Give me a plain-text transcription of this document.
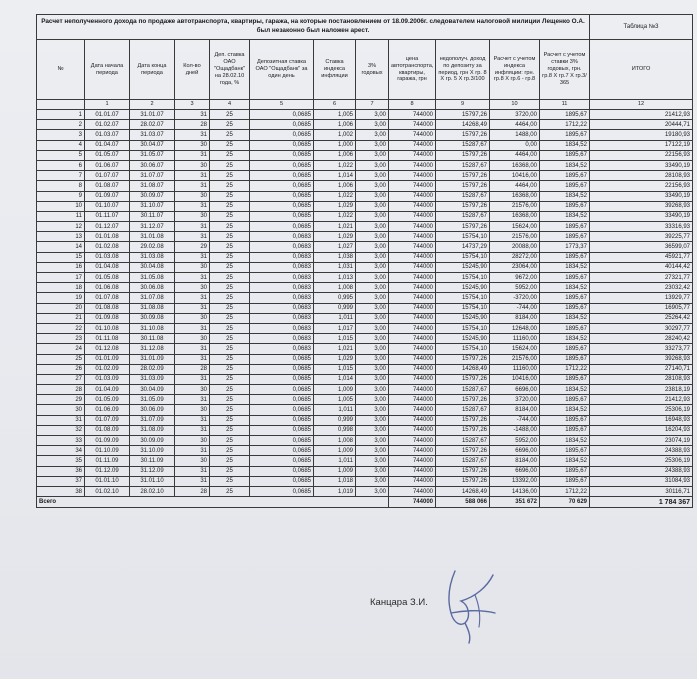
Расчет неполученного дохода по продаже автотранспорта, квартиры, гаража, на которые постановлением от 18.09.2006г. следователем налоговой милиции Лещенко О.А. был незаконно был наложен арест.												Таблица №3
№	Дата начала периода	Дата конца периода	Кол-во дней	Деп. ставка ОАО "Ощадбанк" на 28.02.10 года, %	Депозитная ставка ОАО "Ощадбанк" за один день	Ставка индекса инфляции	3% годовых	цена автотранспорта, квартиры, гаража, грн	недополуч. доход по депозиту за период, грн Х гр. 8 Х гр. 5 Х гр.3/100	Расчет с учетом индекса инфляции: грн. гр.8 Х гр.6 - гр.8	Расчет с учетом ставки 3% годовых, грн. гр.8 Х гр.7 Х гр.3/ 365	ИТОГО
	1	2	3	4	5	6	7	8	9	10	11	12
1	01.01.07	31.01.07	31	25	0,0685	1,005	3,00	744000	15797,26	3720,00	1895,67	21412,93
2	01.02.07	28.02.07	28	25	0,0685	1,006	3,00	744000	14268,49	4464,00	1712,22	20444,71
3	01.03.07	31.03.07	31	25	0,0685	1,002	3,00	744000	15797,26	1488,00	1895,67	19180,93
4	01.04.07	30.04.07	30	25	0,0685	1,000	3,00	744000	15287,67	0,00	1834,52	17122,19
5	01.05.07	31.05.07	31	25	0,0685	1,006	3,00	744000	15797,26	4464,00	1895,67	22156,93
6	01.06.07	30.06.07	30	25	0,0685	1,022	3,00	744000	15287,67	16368,00	1834,52	33490,19
7	01.07.07	31.07.07	31	25	0,0685	1,014	3,00	744000	15797,26	10416,00	1895,67	28108,93
8	01.08.07	31.08.07	31	25	0,0685	1,006	3,00	744000	15797,26	4464,00	1895,67	22156,93
9	01.09.07	30.09.07	30	25	0,0685	1,022	3,00	744000	15287,67	16368,00	1834,52	33490,19
10	01.10.07	31.10.07	31	25	0,0685	1,029	3,00	744000	15797,26	21576,00	1895,67	39268,93
11	01.11.07	30.11.07	30	25	0,0685	1,022	3,00	744000	15287,67	16368,00	1834,52	33490,19
12	01.12.07	31.12.07	31	25	0,0685	1,021	3,00	744000	15797,26	15624,00	1895,67	33316,93
13	01.01.08	31.01.08	31	25	0,0683	1,029	3,00	744000	15754,10	21576,00	1895,67	39225,77
14	01.02.08	29.02.08	29	25	0,0683	1,027	3,00	744000	14737,29	20088,00	1773,37	36599,07
15	01.03.08	31.03.08	31	25	0,0683	1,038	3,00	744000	15754,10	28272,00	1895,67	45921,77
16	01.04.08	30.04.08	30	25	0,0683	1,031	3,00	744000	15245,90	23064,00	1834,52	40144,42
17	01.05.08	31.05.08	31	25	0,0683	1,013	3,00	744000	15754,10	9672,00	1895,67	27321,77
18	01.06.08	30.06.08	30	25	0,0683	1,008	3,00	744000	15245,90	5952,00	1834,52	23032,42
19	01.07.08	31.07.08	31	25	0,0683	0,995	3,00	744000	15754,10	-3720,00	1895,67	13929,77
20	01.08.08	31.08.08	31	25	0,0683	0,999	3,00	744000	15754,10	-744,00	1895,67	16905,77
21	01.09.08	30.09.08	30	25	0,0683	1,011	3,00	744000	15245,90	8184,00	1834,52	25264,42
22	01.10.08	31.10.08	31	25	0,0683	1,017	3,00	744000	15754,10	12648,00	1895,67	30297,77
23	01.11.08	30.11.08	30	25	0,0683	1,015	3,00	744000	15245,90	11160,00	1834,52	28240,42
24	01.12.08	31.12.08	31	25	0,0683	1,021	3,00	744000	15754,10	15624,00	1895,67	33273,77
25	01.01.09	31.01.09	31	25	0,0685	1,029	3,00	744000	15797,26	21576,00	1895,67	39268,93
26	01.02.09	28.02.09	28	25	0,0685	1,015	3,00	744000	14268,49	11160,00	1712,22	27140,71
27	01.03.09	31.03.09	31	25	0,0685	1,014	3,00	744000	15797,26	10416,00	1895,67	28108,93
28	01.04.09	30.04.09	30	25	0,0685	1,009	3,00	744000	15287,67	6696,00	1834,52	23818,19
29	01.05.09	31.05.09	31	25	0,0685	1,005	3,00	744000	15797,26	3720,00	1895,67	21412,93
30	01.06.09	30.06.09	30	25	0,0685	1,011	3,00	744000	15287,67	8184,00	1834,52	25306,19
31	01.07.09	31.07.09	31	25	0,0685	0,999	3,00	744000	15797,26	-744,00	1895,67	16948,93
32	01.08.09	31.08.09	31	25	0,0685	0,998	3,00	744000	15797,26	-1488,00	1895,67	16204,93
33	01.09.09	30.09.09	30	25	0,0685	1,008	3,00	744000	15287,67	5952,00	1834,52	23074,19
34	01.10.09	31.10.09	31	25	0,0685	1,009	3,00	744000	15797,26	6696,00	1895,67	24388,93
35	01.11.09	30.11.09	30	25	0,0685	1,011	3,00	744000	15287,67	8184,00	1834,52	25306,19
36	01.12.09	31.12.09	31	25	0,0685	1,009	3,00	744000	15797,26	6696,00	1895,67	24388,93
37	01.01.10	31.01.10	31	25	0,0685	1,018	3,00	744000	15797,26	13392,00	1895,67	31084,93
38	01.02.10	28.02.10	28	25	0,0685	1,019	3,00	744000	14268,49	14136,00	1712,22	30116,71
Всего								744000	588 066	351 672	70 629	1 784 367
Канцара З.И.
